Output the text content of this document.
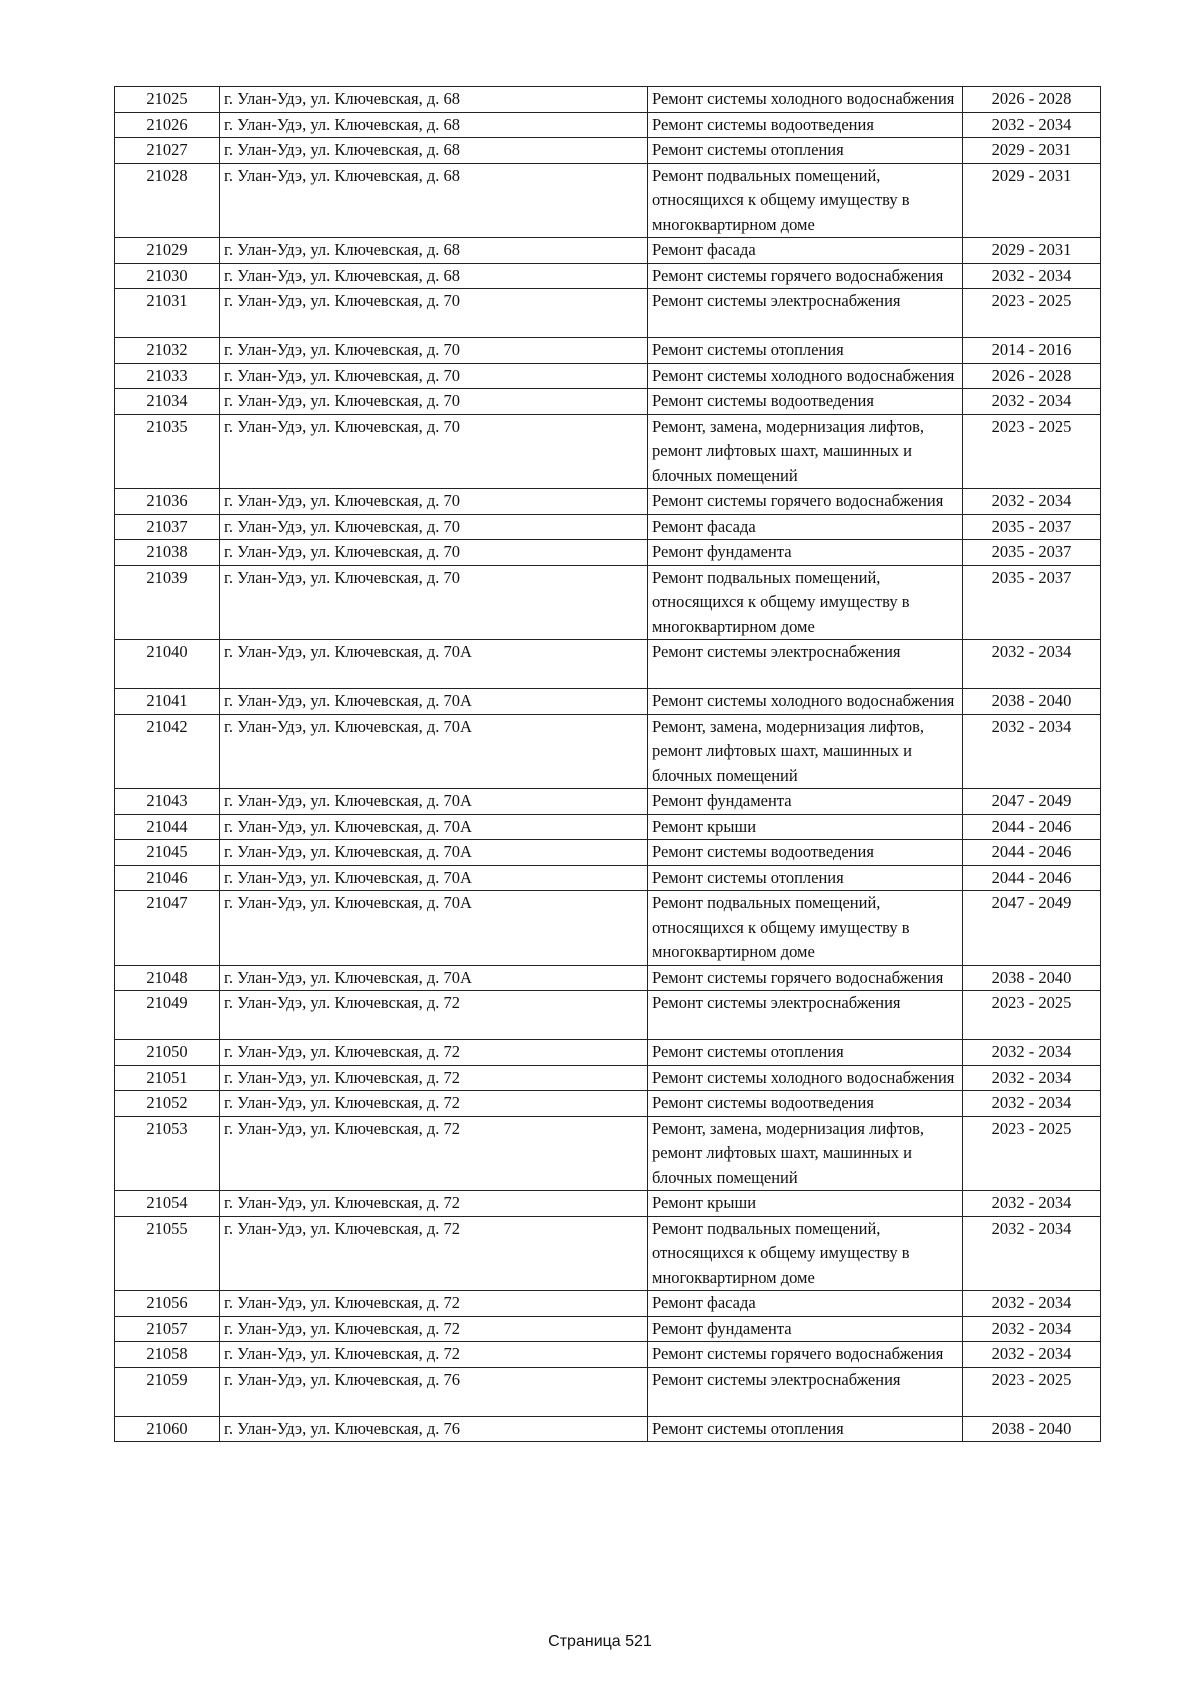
21025	г. Улан-Удэ, ул. Ключевская, д. 68	Ремонт системы холодного водоснабжения	2026 - 2028
21026	г. Улан-Удэ, ул. Ключевская, д. 68	Ремонт системы водоотведения	2032 - 2034
21027	г. Улан-Удэ, ул. Ключевская, д. 68	Ремонт системы отопления	2029 - 2031
21028	г. Улан-Удэ, ул. Ключевская, д. 68	Ремонт подвальных помещений, относящихся к общему имуществу в многоквартирном доме	2029 - 2031
21029	г. Улан-Удэ, ул. Ключевская, д. 68	Ремонт фасада	2029 - 2031
21030	г. Улан-Удэ, ул. Ключевская, д. 68	Ремонт системы горячего водоснабжения	2032 - 2034
21031	г. Улан-Удэ, ул. Ключевская, д. 70	Ремонт системы электроснабжения	2023 - 2025
21032	г. Улан-Удэ, ул. Ключевская, д. 70	Ремонт системы отопления	2014 - 2016
21033	г. Улан-Удэ, ул. Ключевская, д. 70	Ремонт системы холодного водоснабжения	2026 - 2028
21034	г. Улан-Удэ, ул. Ключевская, д. 70	Ремонт системы водоотведения	2032 - 2034
21035	г. Улан-Удэ, ул. Ключевская, д. 70	Ремонт, замена, модернизация лифтов, ремонт лифтовых шахт, машинных и блочных помещений	2023 - 2025
21036	г. Улан-Удэ, ул. Ключевская, д. 70	Ремонт системы горячего водоснабжения	2032 - 2034
21037	г. Улан-Удэ, ул. Ключевская, д. 70	Ремонт фасада	2035 - 2037
21038	г. Улан-Удэ, ул. Ключевская, д. 70	Ремонт фундамента	2035 - 2037
21039	г. Улан-Удэ, ул. Ключевская, д. 70	Ремонт подвальных помещений, относящихся к общему имуществу в многоквартирном доме	2035 - 2037
21040	г. Улан-Удэ, ул. Ключевская, д. 70А	Ремонт системы электроснабжения	2032 - 2034
21041	г. Улан-Удэ, ул. Ключевская, д. 70А	Ремонт системы холодного водоснабжения	2038 - 2040
21042	г. Улан-Удэ, ул. Ключевская, д. 70А	Ремонт, замена, модернизация лифтов, ремонт лифтовых шахт, машинных и блочных помещений	2032 - 2034
21043	г. Улан-Удэ, ул. Ключевская, д. 70А	Ремонт фундамента	2047 - 2049
21044	г. Улан-Удэ, ул. Ключевская, д. 70А	Ремонт крыши	2044 - 2046
21045	г. Улан-Удэ, ул. Ключевская, д. 70А	Ремонт системы водоотведения	2044 - 2046
21046	г. Улан-Удэ, ул. Ключевская, д. 70А	Ремонт системы отопления	2044 - 2046
21047	г. Улан-Удэ, ул. Ключевская, д. 70А	Ремонт подвальных помещений, относящихся к общему имуществу в многоквартирном доме	2047 - 2049
21048	г. Улан-Удэ, ул. Ключевская, д. 70А	Ремонт системы горячего водоснабжения	2038 - 2040
21049	г. Улан-Удэ, ул. Ключевская, д. 72	Ремонт системы электроснабжения	2023 - 2025
21050	г. Улан-Удэ, ул. Ключевская, д. 72	Ремонт системы отопления	2032 - 2034
21051	г. Улан-Удэ, ул. Ключевская, д. 72	Ремонт системы холодного водоснабжения	2032 - 2034
21052	г. Улан-Удэ, ул. Ключевская, д. 72	Ремонт системы водоотведения	2032 - 2034
21053	г. Улан-Удэ, ул. Ключевская, д. 72	Ремонт, замена, модернизация лифтов, ремонт лифтовых шахт, машинных и блочных помещений	2023 - 2025
21054	г. Улан-Удэ, ул. Ключевская, д. 72	Ремонт крыши	2032 - 2034
21055	г. Улан-Удэ, ул. Ключевская, д. 72	Ремонт подвальных помещений, относящихся к общему имуществу в многоквартирном доме	2032 - 2034
21056	г. Улан-Удэ, ул. Ключевская, д. 72	Ремонт фасада	2032 - 2034
21057	г. Улан-Удэ, ул. Ключевская, д. 72	Ремонт фундамента	2032 - 2034
21058	г. Улан-Удэ, ул. Ключевская, д. 72	Ремонт системы горячего водоснабжения	2032 - 2034
21059	г. Улан-Удэ, ул. Ключевская, д. 76	Ремонт системы электроснабжения	2023 - 2025
21060	г. Улан-Удэ, ул. Ключевская, д. 76	Ремонт системы отопления	2038 - 2040
Страница 521
